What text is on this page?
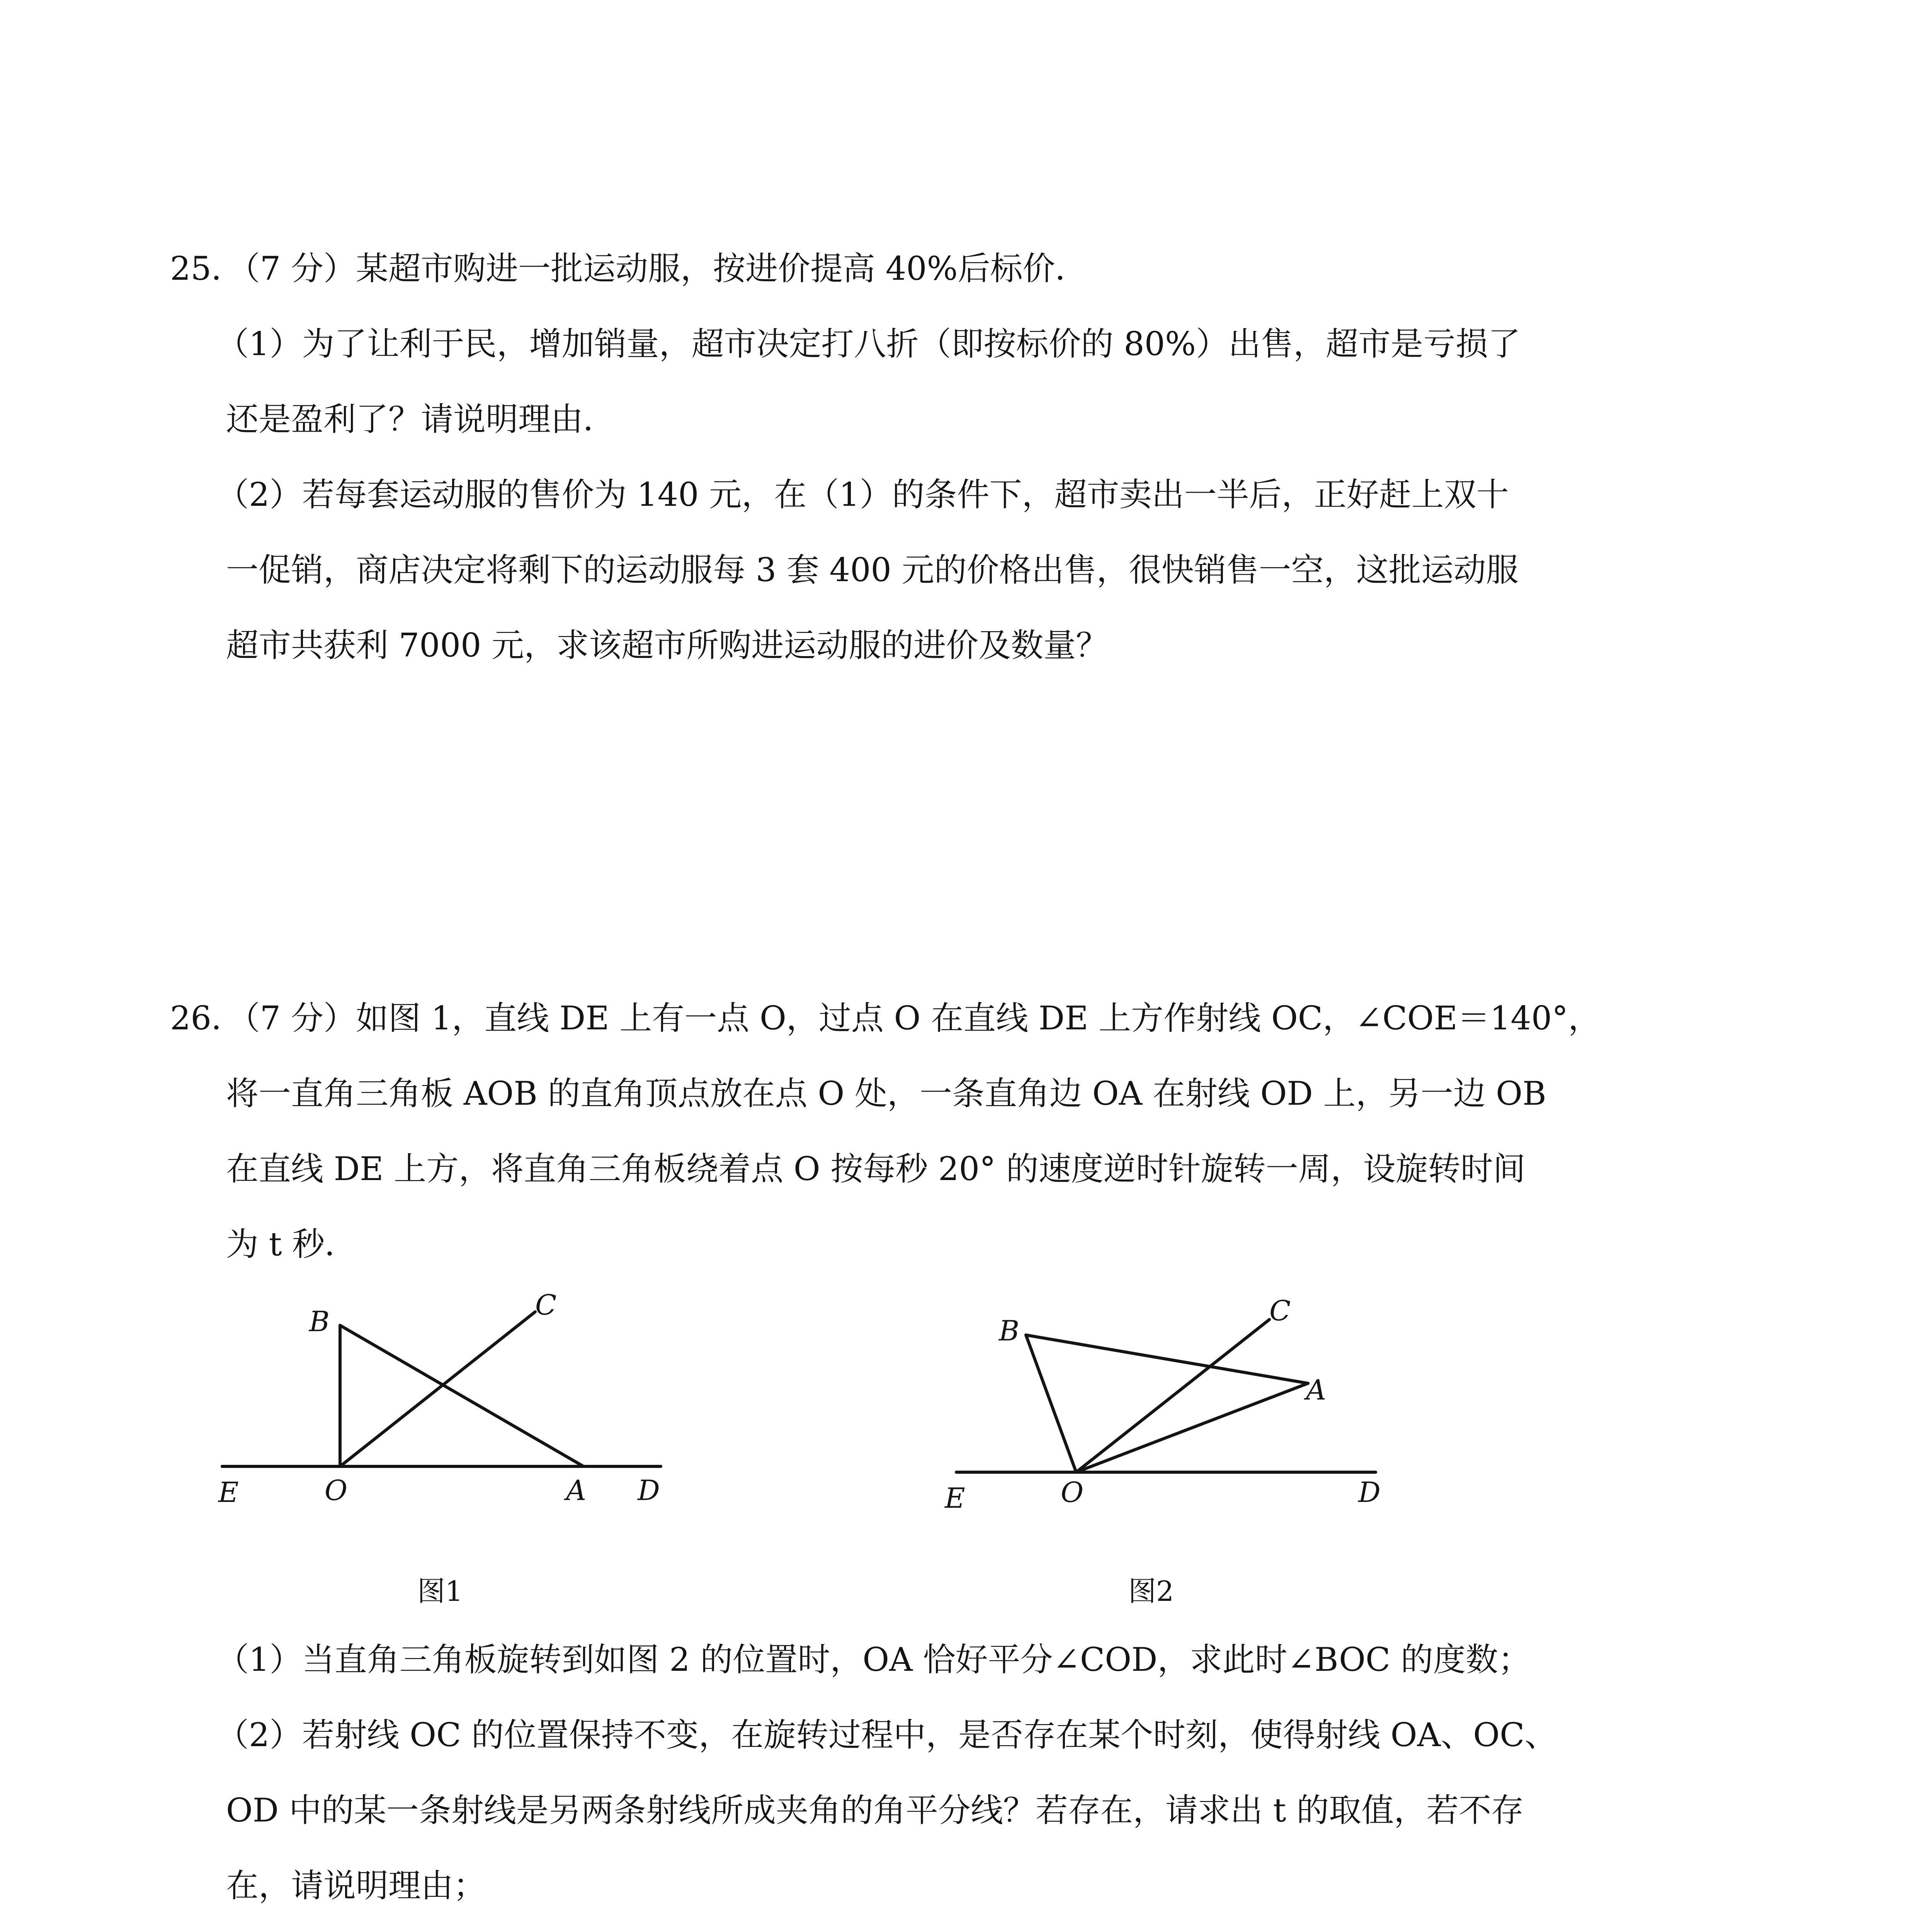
25．（7 分）某超市购进一批运动服，按进价提高 40%后标价．
（1）为了让利于民，增加销量，超市决定打八折（即按标价的 80%）出售，超市是亏损了
还是盈利了？请说明理由．
（2）若每套运动服的售价为 140 元，在（1）的条件下，超市卖出一半后，正好赶上双十
一促销，商店决定将剩下的运动服每 3 套 400 元的价格出售，很快销售一空，这批运动服
超市共获利 7000 元，求该超市所购进运动服的进价及数量？
26．（7 分）如图 1，直线 DE 上有一点 O，过点 O 在直线 DE 上方作射线 OC，∠COE＝140°，
将一直角三角板 AOB 的直角顶点放在点 O 处，一条直角边 OA 在射线 OD 上，另一边 OB
在直线 DE 上方，将直角三角板绕着点 O 按每秒 20° 的速度逆时针旋转一周，设旋转时间
为 t 秒．
B
C
E	O	A D
图1
B
C
A
E	O	D
图2
（1）当直角三角板旋转到如图 2 的位置时，OA 恰好平分∠COD，求此时∠BOC 的度数；
（2）若射线 OC 的位置保持不变，在旋转过程中，是否存在某个时刻，使得射线 OA、OC、
OD 中的某一条射线是另两条射线所成夹角的角平分线？若存在，请求出 t 的取值，若不存
在，请说明理由；
